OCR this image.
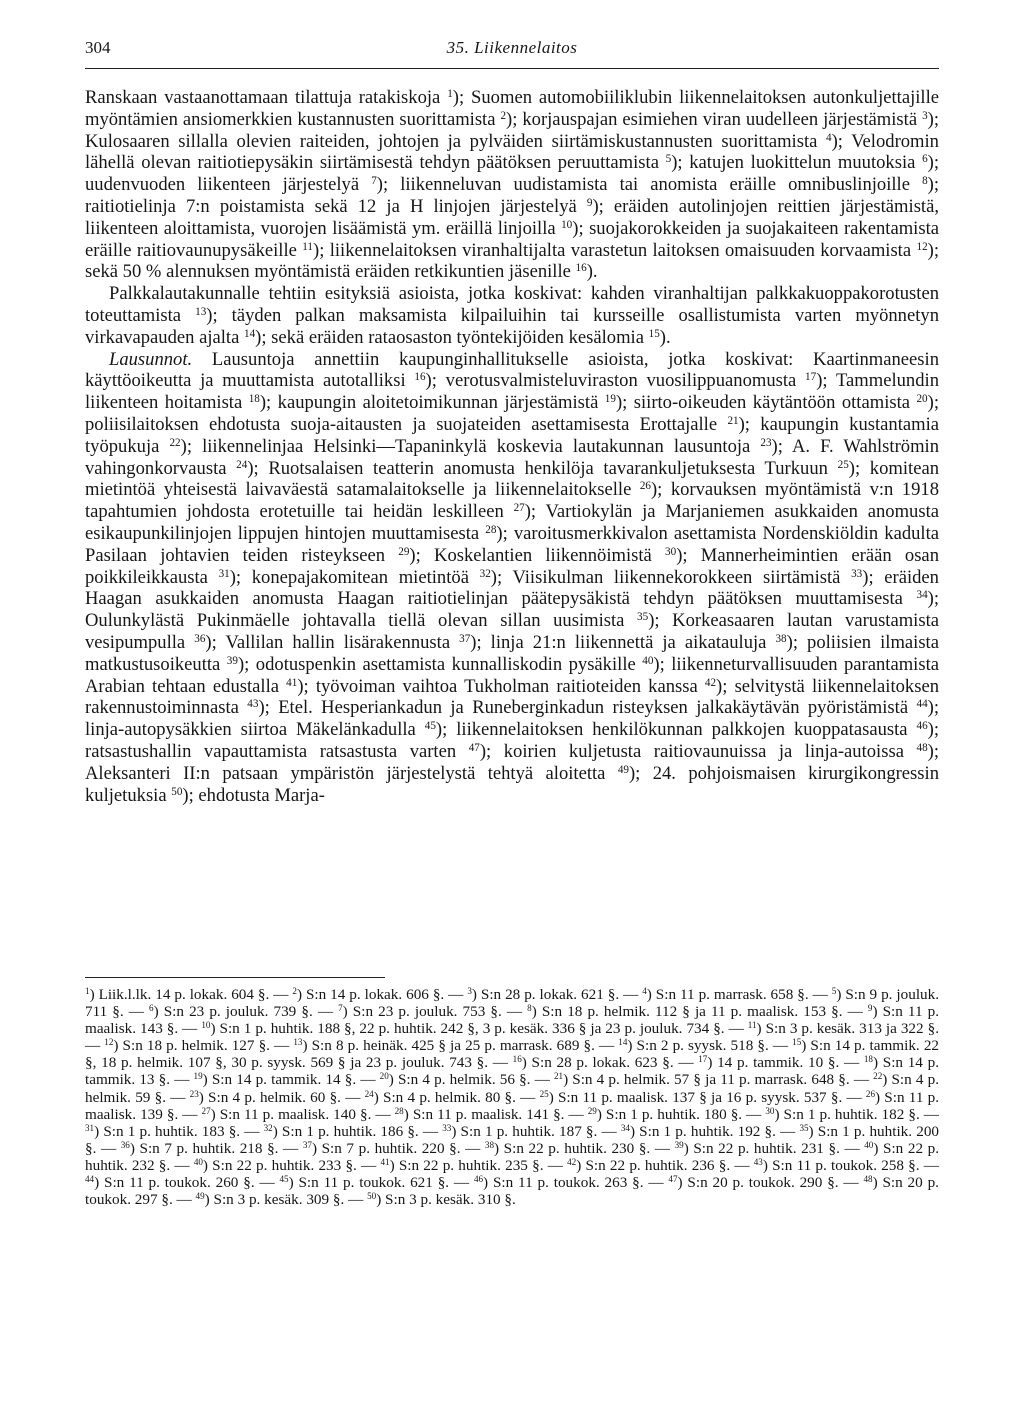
304	35. Liikennelaitos

Ranskaan vastaanottamaan tilattuja ratakiskoja $^1$); Suomen automobiiliklubin liikennelaitoksen autonkuljettajille myöntämien ansiomerkkien kustannusten suorittamista $^2$); korjauspajan esimiehen viran uudelleen järjestämistä $^3$); Kulosaaren sillalla olevien raiteiden, johtojen ja pylväiden siirtämiskustannusten suorittamista $^4$); Velodromin lähellä olevan raitiotiepysäkin siirtämisestä tehdyn päätöksen peruuttamista $^5$); katujen luokittelun muutoksia $^6$); uudenvuoden liikenteen järjestelyä $^7$); liikenneluvan uudistamista tai anomista eräille omnibuslinjoille $^8$); raitiotielinja 7:n poistamista sekä 12 ja H linjojen järjestelyä $^9$); eräiden autolinjojen reittien järjestämistä, liikenteen aloittamista, vuorojen lisäämistä ym. eräillä linjoilla $^{10}$); suojakorokkeiden ja suojakaiteen rakentamista eräille raitiovaunupysäkeille $^{11}$); liikennelaitoksen viranhaltijalta varastetun laitoksen omaisuuden korvaamista $^{12}$); sekä 50 % alennuksen myöntämistä eräiden retkikuntien jäsenille $^{16}$).

Palkkalautakunnalle tehtiin esityksiä asioista, jotka koskivat: kahden viranhaltijan palkkakuoppakorotusten toteuttamista $^{13}$); täyden palkan maksamista kilpailuihin tai kursseille osallistumista varten myönnetyn virkavapauden ajalta $^{14}$); sekä eräiden rataosaston työntekijöiden kesälomia $^{15}$).

Lausunnot. Lausuntoja annettiin kaupunginhallitukselle asioista, jotka koskivat: Kaartinmaneesin käyttöoikeutta ja muuttamista autotalliksi $^{16}$); verotusvalmisteluviraston vuosilippuanomusta $^{17}$); Tammelundin liikenteen hoitamista $^{18}$); kaupungin aloitetoimikunnan järjestämistä $^{19}$); siirto-oikeuden käytäntöön ottamista $^{20}$); poliisilaitoksen ehdotusta suoja-aitausten ja suojateiden asettamisesta Erottajalle $^{21}$); kaupungin kustantamia työpukuja $^{22}$); liikennelinjaa Helsinki—Tapaninkylä koskevia lautakunnan lausuntoja $^{23}$); A. F. Wahlströmin vahingonkorvausta $^{24}$); Ruotsalaisen teatterin anomusta henkilöja tavarankuljetuksesta Turkuun $^{25}$); komitean mietintöä yhteisestä laivaväestä satamalaitokselle ja liikennelaitokselle $^{26}$); korvauksen myöntämistä v:n 1918 tapahtumien johdosta erotetuille tai heidän leskilleen $^{27}$); Vartiokylän ja Marjaniemen asukkaiden anomusta esikaupunkilinjojen lippujen hintojen muuttamisesta $^{28}$); varoitusmerkkivalon asettamista Nordenskiöldin kadulta Pasilaan johtavien teiden risteykseen $^{29}$); Koskelantien liikennöimistä $^{30}$); Mannerheimintien erään osan poikkileikkausta $^{31}$); konepajakomitean mietintöä $^{32}$); Viisikulman liikennekorokkeen siirtämistä $^{33}$); eräiden Haagan asukkaiden anomusta Haagan raitiotielinjan päätepysäkistä tehdyn päätöksen muuttamisesta $^{34}$); Oulunkylästä Pukinmäelle johtavalla tiellä olevan sillan uusimista $^{35}$); Korkeasaaren lautan varustamista vesipumpulla $^{36}$); Vallilan hallin lisärakennusta $^{37}$); linja 21:n liikennettä ja aikatauluja $^{38}$); poliisien ilmaista matkustusoikeutta $^{39}$); odotuspenkin asettamista kunnalliskodin pysäkille $^{40}$); liikenneturvallisuuden parantamista Arabian tehtaan edustalla $^{41}$); työvoiman vaihtoa Tukholman raitioteiden kanssa $^{42}$); selvitystä liikennelaitoksen rakennustoiminnasta $^{43}$); Etel. Hesperiankadun ja Runeberginkadun risteyksen jalkakäytävän pyöristämistä $^{44}$); linja-autopysäkkien siirtoa Mäkelänkadulla $^{45}$); liikennelaitoksen henkilökunnan palkkojen kuoppatasausta $^{46}$); ratsastushallin vapauttamista ratsastusta varten $^{47}$); koirien kuljetusta raitiovaunuissa ja linja-autoissa $^{48}$); Aleksanteri II:n patsaan ympäristön järjestelystä tehtyä aloitetta $^{49}$); 24. pohjoismaisen kirurgikongressin kuljetuksia $^{50}$); ehdotusta Marja-

$^1$) Liik.l.lk. 14 p. lokak. 604 §. — $^2$) S:n 14 p. lokak. 606 §. — $^3$) S:n 28 p. lokak. 621 §. — $^4$) S:n 11 p. marrask. 658 §. — $^5$) S:n 9 p. jouluk. 711 §. — $^6$) S:n 23 p. jouluk. 739 §. — $^7$) S:n 23 p. jouluk. 753 §. — $^8$) S:n 18 p. helmik. 112 § ja 11 p. maalisk. 153 §. — $^9$) S:n 11 p. maalisk. 143 §. — $^{10}$) S:n 1 p. huhtik. 188 §, 22 p. huhtik. 242 §, 3 p. kesäk. 336 § ja 23 p. jouluk. 734 §. — $^{11}$) S:n 3 p. kesäk. 313 ja 322 §. — $^{12}$) S:n 18 p. helmik. 127 §. — $^{13}$) S:n 8 p. heinäk. 425 § ja 25 p. marrask. 689 §. — $^{14}$) S:n 2 p. syysk. 518 §. — $^{15}$) S:n 14 p. tammik. 22 §, 18 p. helmik. 107 §, 30 p. syysk. 569 § ja 23 p. jouluk. 743 §. — $^{16}$) S:n 28 p. lokak. 623 §. — $^{17}$) 14 p. tammik. 10 §. — $^{18}$) S:n 14 p. tammik. 13 §. — $^{19}$) S:n 14 p. tammik. 14 §. — $^{20}$) S:n 4 p. helmik. 56 §. — $^{21}$) S:n 4 p. helmik. 57 § ja 11 p. marrask. 648 §. — $^{22}$) S:n 4 p. helmik. 59 §. — $^{23}$) S:n 4 p. helmik. 60 §. — $^{24}$) S:n 4 p. helmik. 80 §. — $^{25}$) S:n 11 p. maalisk. 137 § ja 16 p. syysk. 537 §. — $^{26}$) S:n 11 p. maalisk. 139 §. — $^{27}$) S:n 11 p. maalisk. 140 §. — $^{28}$) S:n 11 p. maalisk. 141 §. — $^{29}$) S:n 1 p. huhtik. 180 §. — $^{30}$) S:n 1 p. huhtik. 182 §. — $^{31}$) S:n 1 p. huhtik. 183 §. — $^{32}$) S:n 1 p. huhtik. 186 §. — $^{33}$) S:n 1 p. huhtik. 187 §. — $^{34}$) S:n 1 p. huhtik. 192 §. — $^{35}$) S:n 1 p. huhtik. 200 §. — $^{36}$) S:n 7 p. huhtik. 218 §. — $^{37}$) S:n 7 p. huhtik. 220 §. — $^{38}$) S:n 22 p. huhtik. 230 §. — $^{39}$) S:n 22 p. huhtik. 231 §. — $^{40}$) S:n 22 p. huhtik. 232 §. — $^{40}$) S:n 22 p. huhtik. 233 §. — $^{41}$) S:n 22 p. huhtik. 235 §. — $^{42}$) S:n 22 p. huhtik. 236 §. — $^{43}$) S:n 11 p. toukok. 258 §. — $^{44}$) S:n 11 p. toukok. 260 §. — $^{45}$) S:n 11 p. toukok. 621 §. — $^{46}$) S:n 11 p. toukok. 263 §. — $^{47}$) S:n 20 p. toukok. 290 §. — $^{48}$) S:n 20 p. toukok. 297 §. — $^{49}$) S:n 3 p. kesäk. 309 §. — $^{50}$) S:n 3 p. kesäk. 310 §.
